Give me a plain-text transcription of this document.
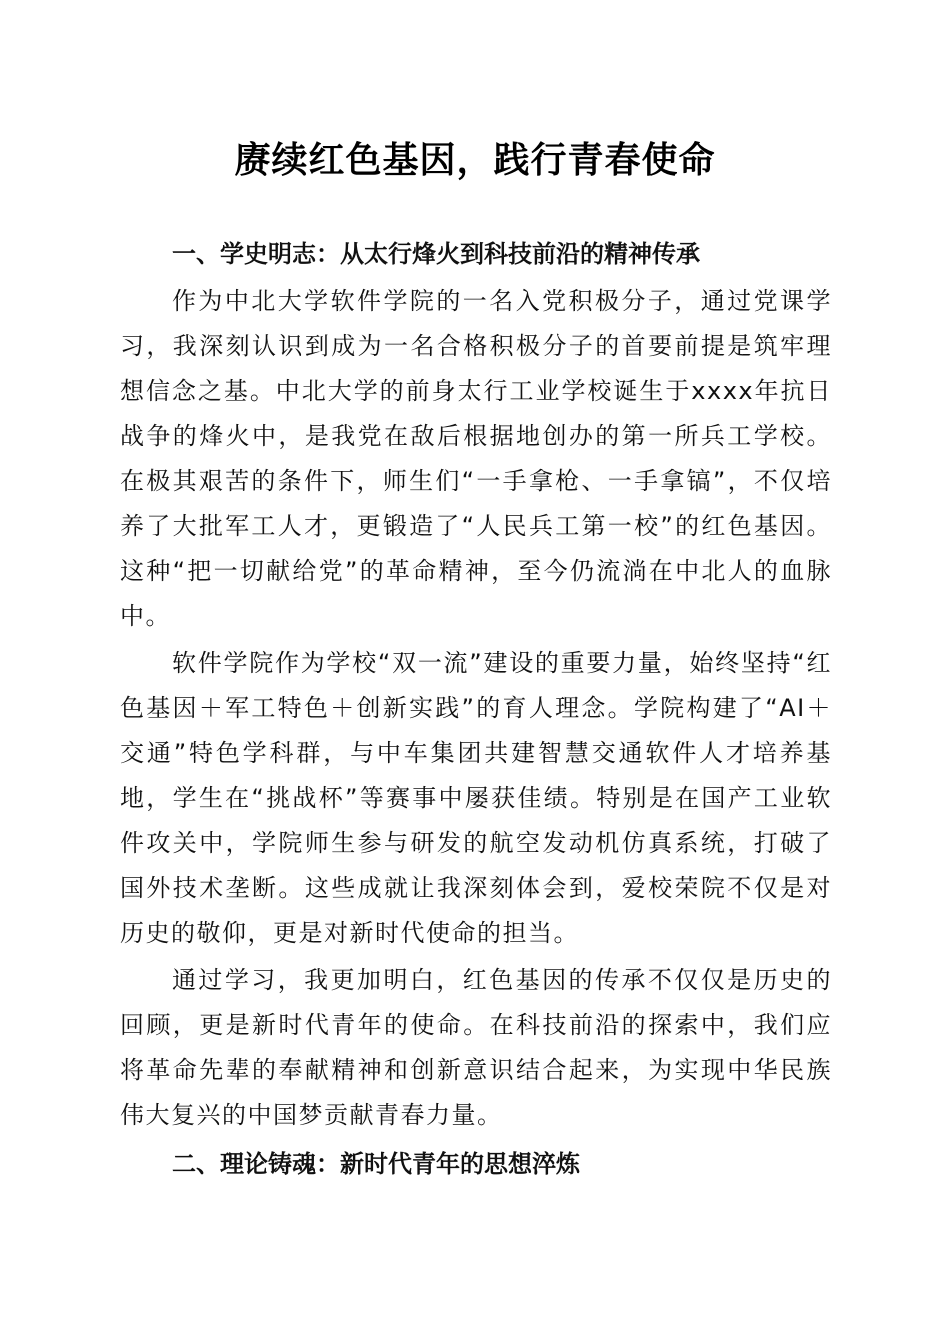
赓续红色基因，践行青春使命

一、学史明志：从太行烽火到科技前沿的精神传承

作为中北大学软件学院的一名入党积极分子，通过党课学习，我深刻认识到成为一名合格积极分子的首要前提是筑牢理想信念之基。中北大学的前身太行工业学校诞生于xxxx年抗日战争的烽火中，是我党在敌后根据地创办的第一所兵工学校。在极其艰苦的条件下，师生们“一手拿枪、一手拿镐”，不仅培养了大批军工人才，更锻造了“人民兵工第一校”的红色基因。这种“把一切献给党”的革命精神，至今仍流淌在中北人的血脉中。

软件学院作为学校“双一流”建设的重要力量，始终坚持“红色基因＋军工特色＋创新实践”的育人理念。学院构建了“AI＋交通”特色学科群，与中车集团共建智慧交通软件人才培养基地，学生在“挑战杯”等赛事中屡获佳绩。特别是在国产工业软件攻关中，学院师生参与研发的航空发动机仿真系统，打破了国外技术垄断。这些成就让我深刻体会到，爱校荣院不仅是对历史的敬仰，更是对新时代使命的担当。

通过学习，我更加明白，红色基因的传承不仅仅是历史的回顾，更是新时代青年的使命。在科技前沿的探索中，我们应将革命先辈的奉献精神和创新意识结合起来，为实现中华民族伟大复兴的中国梦贡献青春力量。

二、理论铸魂：新时代青年的思想淬炼
